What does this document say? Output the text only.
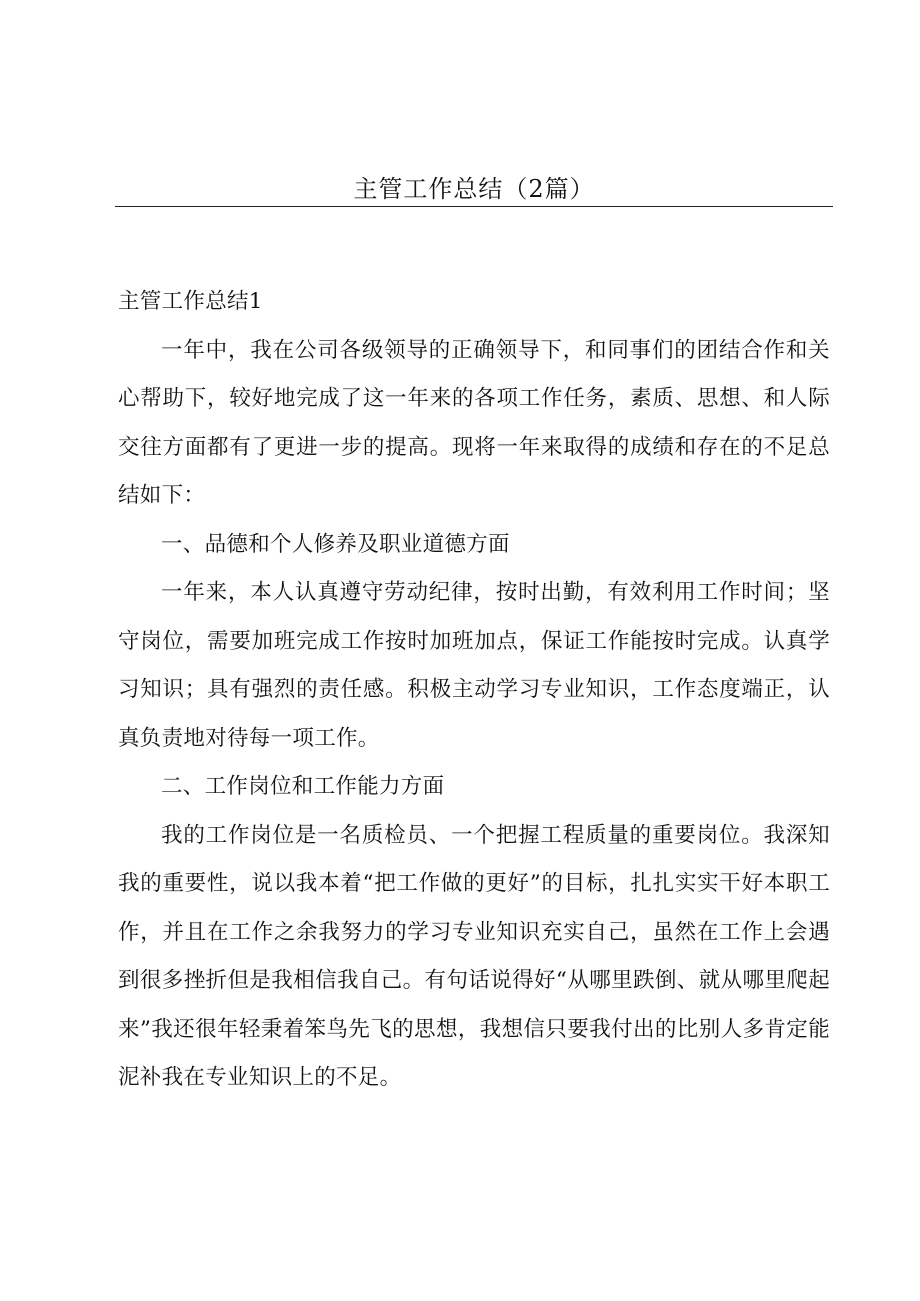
主管工作总结（2篇）

主管工作总结1

一年中，我在公司各级领导的正确领导下，和同事们的团结合作和关心帮助下，较好地完成了这一年来的各项工作任务，素质、思想、和人际交往方面都有了更进一步的提高。现将一年来取得的成绩和存在的不足总结如下：

一、品德和个人修养及职业道德方面

一年来，本人认真遵守劳动纪律，按时出勤，有效利用工作时间；坚守岗位，需要加班完成工作按时加班加点，保证工作能按时完成。认真学习知识；具有强烈的责任感。积极主动学习专业知识，工作态度端正，认真负责地对待每一项工作。

二、工作岗位和工作能力方面

我的工作岗位是一名质检员、一个把握工程质量的重要岗位。我深知我的重要性，说以我本着“把工作做的更好”的目标，扎扎实实干好本职工作，并且在工作之余我努力的学习专业知识充实自己，虽然在工作上会遇到很多挫折但是我相信我自己。有句话说得好“从哪里跌倒、就从哪里爬起来”我还很年轻秉着笨鸟先飞的思想，我想信只要我付出的比别人多肯定能泥补我在专业知识上的不足。
